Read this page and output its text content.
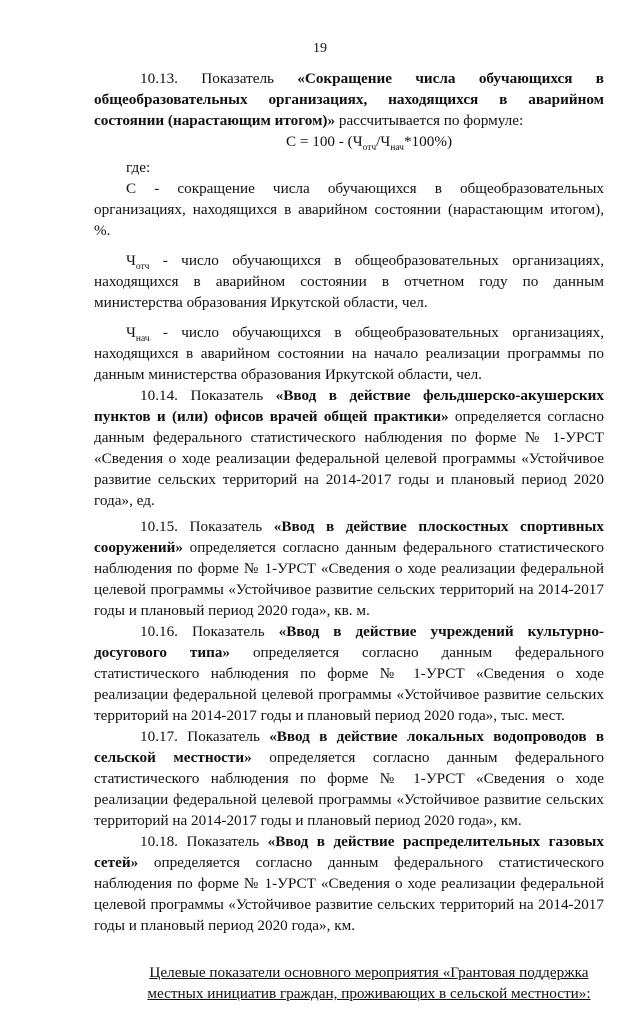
19

10.13. Показатель «Сокращение числа обучающихся в общеобразовательных организациях, находящихся в аварийном состоянии (нарастающим итогом)» рассчитывается по формуле:

$С = 100 - (Ч_{отч}/Ч_{нач}*100\%)$

где:

С - сокращение числа обучающихся в общеобразовательных организациях, находящихся в аварийном состоянии (нарастающим итогом), %.

$Ч_{отч}$ - число обучающихся в общеобразовательных организациях, находящихся в аварийном состоянии в отчетном году по данным министерства образования Иркутской области, чел.

$Ч_{нач}$ - число обучающихся в общеобразовательных организациях, находящихся в аварийном состоянии на начало реализации программы по данным министерства образования Иркутской области, чел.

10.14. Показатель «Ввод в действие фельдшерско-акушерских пунктов и (или) офисов врачей общей практики» определяется согласно данным федерального статистического наблюдения по форме № 1-УРСТ «Сведения о ходе реализации федеральной целевой программы «Устойчивое развитие сельских территорий на 2014-2017 годы и плановый период 2020 года», ед.

10.15. Показатель «Ввод в действие плоскостных спортивных сооружений» определяется согласно данным федерального статистического наблюдения по форме № 1-УРСТ «Сведения о ходе реализации федеральной целевой программы «Устойчивое развитие сельских территорий на 2014-2017 годы и плановый период 2020 года», кв. м.

10.16. Показатель «Ввод в действие учреждений культурно-досугового типа» определяется согласно данным федерального статистического наблюдения по форме № 1-УРСТ «Сведения о ходе реализации федеральной целевой программы «Устойчивое развитие сельских территорий на 2014-2017 годы и плановый период 2020 года», тыс. мест.

10.17. Показатель «Ввод в действие локальных водопроводов в сельской местности» определяется согласно данным федерального статистического наблюдения по форме № 1-УРСТ «Сведения о ходе реализации федеральной целевой программы «Устойчивое развитие сельских территорий на 2014-2017 годы и плановый период 2020 года», км.

10.18. Показатель «Ввод в действие распределительных газовых сетей» определяется согласно данным федерального статистического наблюдения по форме № 1-УРСТ «Сведения о ходе реализации федеральной целевой программы «Устойчивое развитие сельских территорий на 2014-2017 годы и плановый период 2020 года», км.

Целевые показатели основного мероприятия «Грантовая поддержка местных инициатив граждан, проживающих в сельской местности»:
